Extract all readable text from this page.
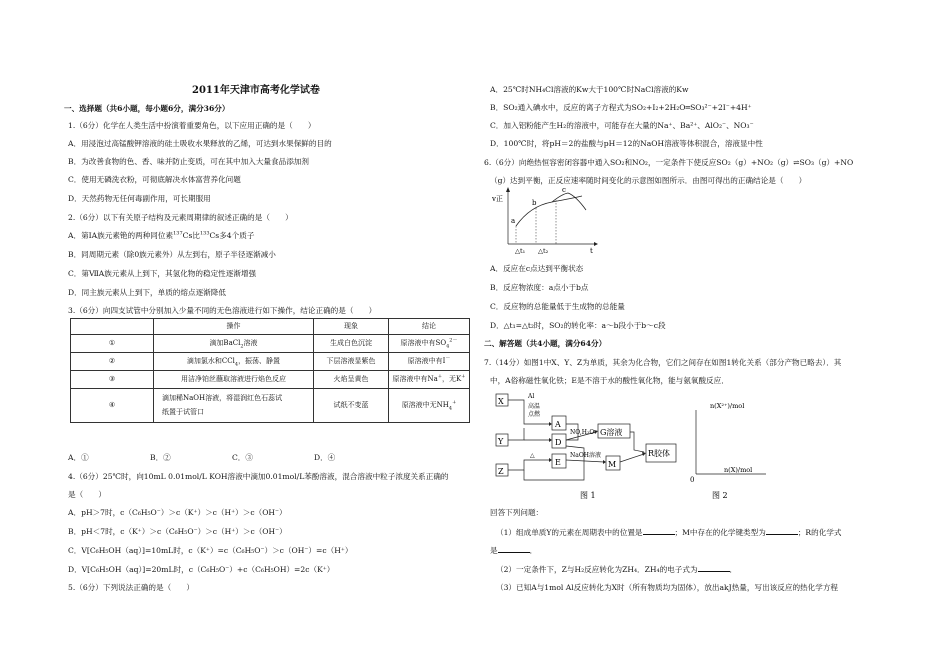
2011年天津市高考化学试卷
一、选择题（共6小题，每小题6分，满分36分）
1.（6分）化学在人类生活中扮演着重要角色，以下应用正确的是（　　）
A．用浸泡过高锰酸钾溶液的硅土吸收水果释放的乙烯，可达到水果保鲜的目的
B．为改善食物的色、香、味并防止变质，可在其中加入大量食品添加剂
C．使用无磷洗衣粉，可彻底解决水体富营养化问题
D．天然药物无任何毒副作用，可长期服用
2.（6分）以下有关原子结构及元素周期律的叙述正确的是（　　）
A．第IA族元素铯的两种同位素$^{137}$Cs比$^{133}$Cs多4个质子
B．同周期元素（除0族元素外）从左到右，原子半径逐渐减小
C．第ⅦA族元素从上到下，其氢化物的稳定性逐渐增强
D．同主族元素从上到下，单质的熔点逐渐降低
3.（6分）向四支试管中分别加入少量不同的无色溶液进行如下操作，结论正确的是（　　）
	操作	现象	结论
①	滴加BaCl$_2$溶液	生成白色沉淀	原溶液中有$SO_4^{2-}$
②	滴加氯水和CCl$_4$，振荡、静置	下层溶液显紫色	原溶液中有I－
③	用洁净铂丝蘸取溶液进行焰色反应	火焰呈黄色	原溶液中有Na+，无K+
④	滴加稀NaOH溶液，将湿润红色石蕊试
纸置于试管口	试纸不变蓝	原溶液中无$NH_4^+$
A．①	B．②	C．③	D．④
4.（6分）25℃时，向10mL 0.01mol/L KOH溶液中滴加0.01mol/L苯酚溶液，混合溶液中粒子浓度关系正确的
是（　　）
A．pH＞7时，c（C₆H₅O⁻）＞c（K⁺）＞c（H⁺）＞c（OH⁻）
B．pH＜7时，c（K⁺）＞c（C₆H₅O⁻）＞c（H⁺）＞c（OH⁻）
C．V[C₆H₅OH（aq）]=10mL时，c（K⁺）=c（C₆H₅O⁻）＞c（OH⁻）=c（H⁺）
D．V[C₆H₅OH（aq）]=20mL时，c（C₆H₅O⁻）+c（C₆H₅OH）=2c（K⁺）
5.（6分）下列说法正确的是（　　）
A．25℃时NH₄Cl溶液的Kw大于100℃时NaCl溶液的Kw
B．SO₂通入碘水中，反应的离子方程式为SO₂+I₂+2H₂O═SO₃²⁻+2I⁻+4H⁺
C．加入铝粉能产生H₂的溶液中，可能存在大量的Na⁺、Ba²⁺、AlO₂⁻、NO₃⁻
D．100℃时，将pH＝2的盐酸与pH＝12的NaOH溶液等体积混合，溶液显中性
6.（6分）向绝热恒容密闭容器中通入SO₂和NO₂，一定条件下使反应SO₂（g）+NO₂（g）⇌SO₃（g）+NO
（g）达到平衡，正反应速率随时间变化的示意图如图所示．由图可得出的正确结论是（　　）
v正
t
a
b
c
△t₁ △t₂
A．反应在c点达到平衡状态
B．反应物浓度：a点小于b点
C．反应物的总能量低于生成物的总能量
D．△t₁=△t₂时，SO₂的转化率：a～b段小于b～c段
二、解答题（共4小题，满分64分）
7.（14分）如图1中X、Y、Z为单质，其余为化合物，它们之间存在如图1转化关系（部分产物已略去）．其
中，A俗称磁性氧化铁；E是不溶于水的酸性氧化物，能与氨氧酸反应．
X
Y
Z
A
D
E	M
G溶液
R胶体
Al
高温
点燃
NO,H₂O
△	NaOH溶液
图 1
n(X²⁺)/mol
n(X)/mol
0
图 2
回答下列问题：
（1）组成单质Y的元素在周期表中的位置是	；M中存在的化学键类型为	；R的化学式
是	．
（2）一定条件下，Z与H₂反应转化为ZH₄．ZH₄的电子式为	．
（3）已知A与1mol Al反应转化为X时（所有物质均为固体），放出akJ热量，写出该反应的热化学方程
